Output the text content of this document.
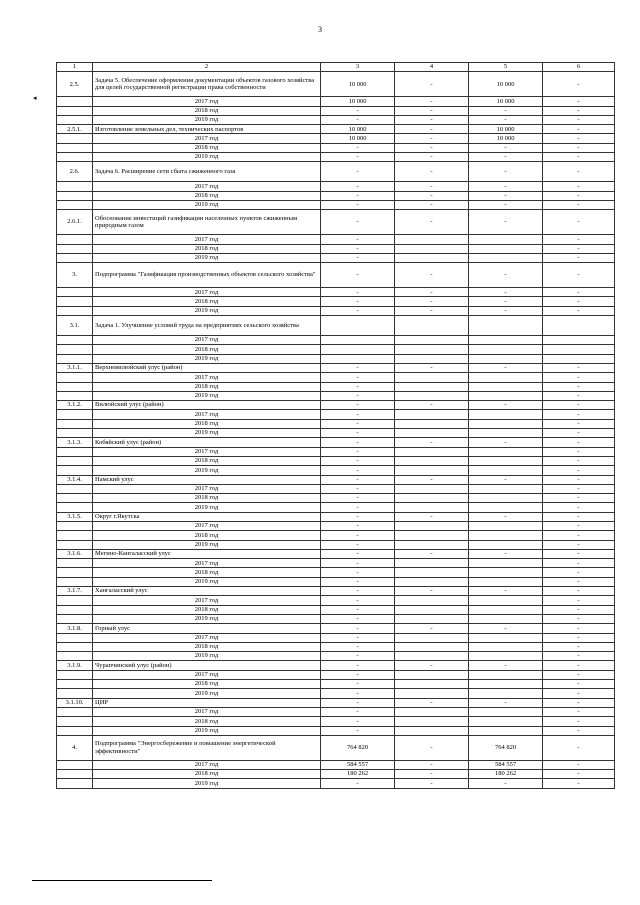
3
◂
1	2	3	4	5	6
2.5.	Задача 5. Обеспечение оформления документации объектов газового хозяйства для целей государственной регистрации права собственности	10 000	-	10 000	-
	2017 год	10 000	-	10 000	-
	2018 год	-	-	-	-
	2019 год	-	-	-	-
2.5.1.	Изготовление земельных дел, технических паспортов	10 000	-	10 000	-
	2017 год	10 000	-	10 000	-
	2018 год	-	-	-	-
	2019 год	-	-	-	-
2.6.	Задача 6. Расширение сети сбыта сжиженного газа	-	-	-	-
	2017 год	-	-	-	-
	2018 год	-	-	-	-
	2019 год	-	-	-	-
2.6.1.	Обоснование инвестиций газификации населенных пунктов сжиженным природным газом	-	-	-	-
	2017 год	-			-
	2018 год	-			-
	2019 год	-			-
3.	Подпрограмма "Газификация производственных объектов сельского хозяйства"	-	-	-	-
	2017 год	-	-	-	-
	2018 год	-	-	-	-
	2019 год	-	-	-	-
3.1.	Задача 1. Улучшение условий труда на предприятиях сельского хозяйства				
	2017 год				
	2018 год				
	2019 год				
3.1.1.	Верхневилюйский улус (район)	-	-	-	-
	2017 год	-			-
	2018 год	-			-
	2019 год	-			-
3.1.2.	Вилюйский улус (район)	-	-	-	-
	2017 год	-			-
	2018 год	-			-
	2019 год	-			-
3.1.3.	Кобяйский улус (район)	-	-	-	-
	2017 год	-			-
	2018 год	-			-
	2019 год	-			-
3.1.4.	Намский улус	-	-	-	-
	2017 год	-			-
	2018 год	-			-
	2019 год	-			-
3.1.5.	Округ г.Якутска	-	-	-	-
	2017 год	-			-
	2018 год	-			-
	2019 год	-			-
3.1.6.	Мегино-Кангаласский улус	-	-	-	-
	2017 год	-			-
	2018 год	-			-
	2019 год	-			-
3.1.7.	Хангаласский улус	-	-	-	-
	2017 год	-			-
	2018 год	-			-
	2019 год	-			-
3.1.8.	Горный улус	-	-	-	-
	2017 год	-			-
	2018 год	-			-
	2019 год	-			-
3.1.9.	Чурапчинский улус (район)	-	-	-	-
	2017 год	-			-
	2018 год	-			-
	2019 год	-			-
3.1.10.	ЦИР	-	-	-	-
	2017 год	-			-
	2018 год	-			-
	2019 год	-			-
4.	Подпрограмма "Энергосбережение и повышение энергетической эффективности"	764 820	-	764 820	-
	2017 год	584 557	-	584 557	-
	2018 год	180 262	-	180 262	-
	2019 год	-	-	-	-
